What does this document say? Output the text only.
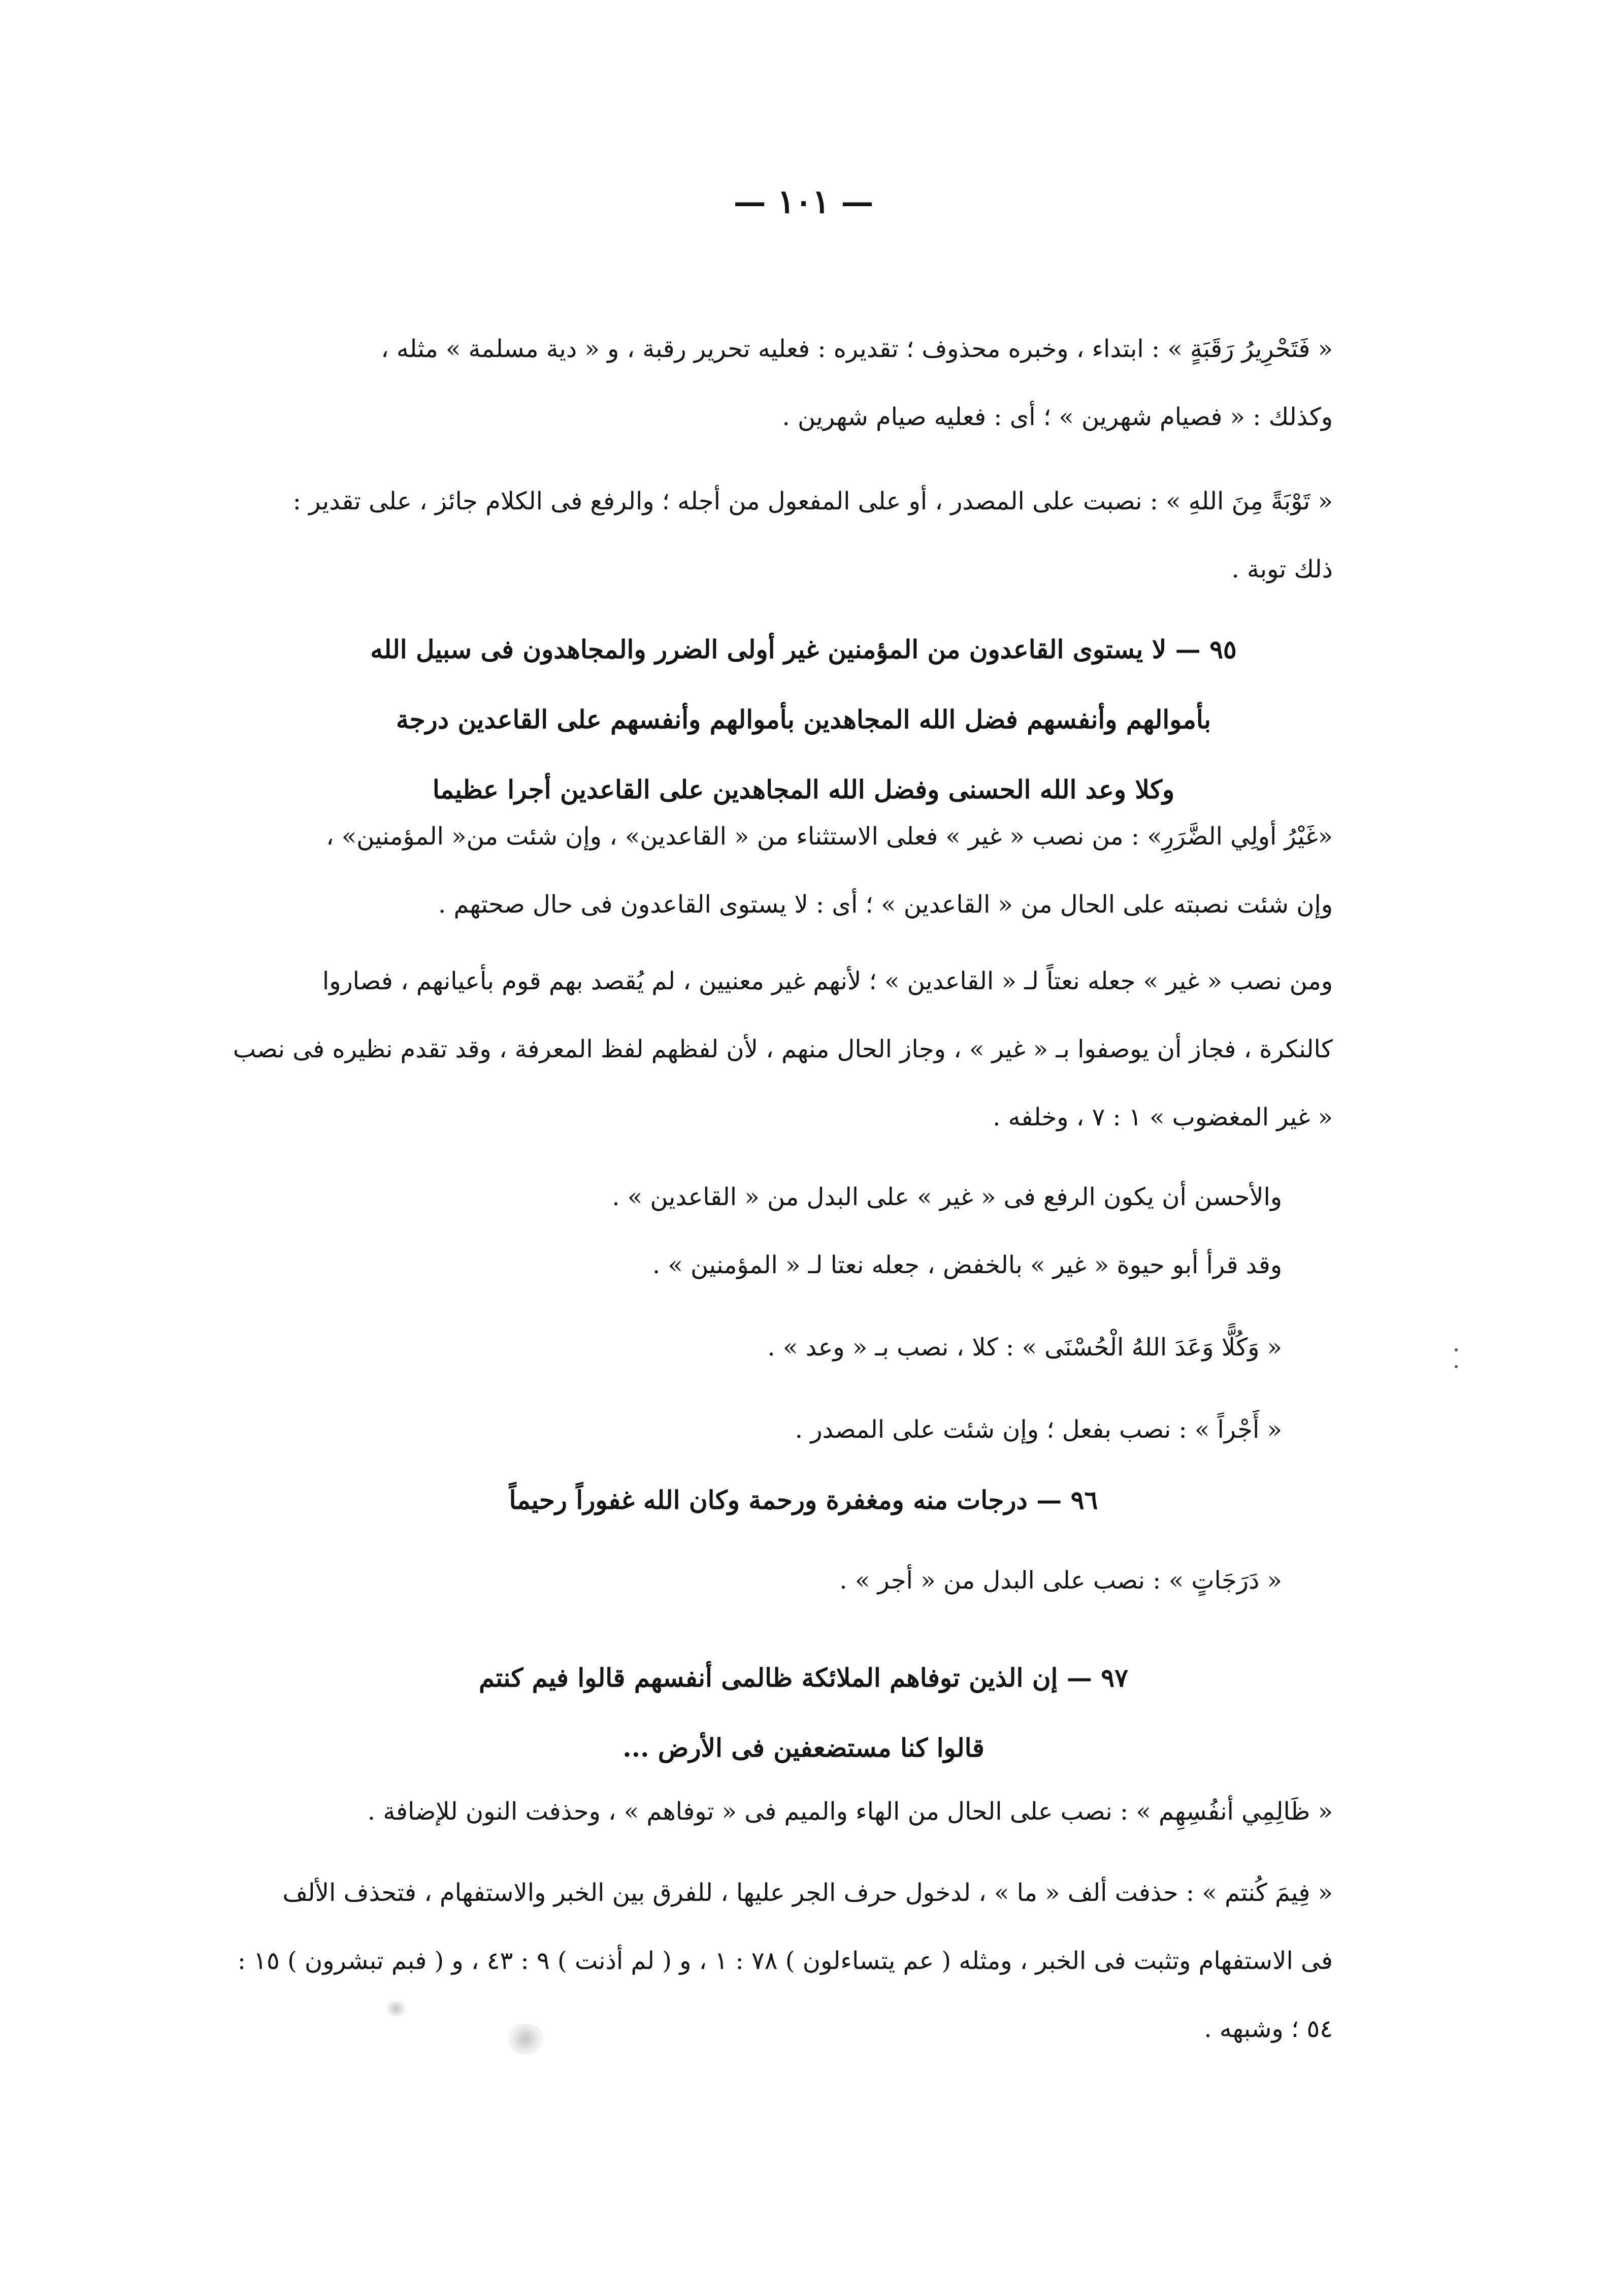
— ١٠١ —
« فَتَحْرِيرُ رَقَبَةٍ » : ابتداء ، وخبره محذوف ؛ تقديره : فعليه تحرير رقبة ، و « دية مسلمة » مثله ،
وكذلك : « فصيام شهرين » ؛ أى : فعليه صيام شهرين .
« تَوْبَةً مِنَ اللهِ » : نصبت على المصدر ، أو على المفعول من أجله ؛ والرفع فى الكلام جائز ، على تقدير :
ذلك توبة .
٩٥ — لا يستوى القاعدون من المؤمنين غير أولى الضرر والمجاهدون فى سبيل الله
بأموالهم وأنفسهم فضل الله المجاهدين بأموالهم وأنفسهم على القاعدين درجة
وكلا وعد الله الحسنى وفضل الله المجاهدين على القاعدين أجرا عظيما
«غَيْرُ أولِي الضَّرَرِ» : من نصب « غير » فعلى الاستثناء من « القاعدين» ، وإن شئت من« المؤمنين» ،
وإن شئت نصبته على الحال من « القاعدين » ؛ أى : لا يستوى القاعدون فى حال صحتهم .
ومن نصب « غير » جعله نعتاً لـ « القاعدين » ؛ لأنهم غير معنيين ، لم يُقصد بهم قوم بأعيانهم ، فصاروا
كالنكرة ، فجاز أن يوصفوا بـ « غير » ، وجاز الحال منهم ، لأن لفظهم لفظ المعرفة ، وقد تقدم نظيره فى نصب
« غير المغضوب » ١ : ٧ ، وخلفه .
والأحسن أن يكون الرفع فى « غير » على البدل من « القاعدين » .
وقد قرأ أبو حيوة « غير » بالخفض ، جعله نعتا لـ « المؤمنين » .
« وَكُلًّا وَعَدَ اللهُ الْحُسْنَى » : كلا ، نصب بـ « وعد » .
« أَجْراً » : نصب بفعل ؛ وإن شئت على المصدر .
٩٦ — درجات منه ومغفرة ورحمة وكان الله غفوراً رحيماً
« دَرَجَاتٍ » : نصب على البدل من « أجر » .
٩٧ — إن الذين توفاهم الملائكة ظالمى أنفسهم قالوا فيم كنتم
قالوا كنا مستضعفين فى الأرض ...
« ظَالِمِي أنفُسِهِم » : نصب على الحال من الهاء والميم فى « توفاهم » ، وحذفت النون للإضافة .
« فِيمَ كُنتم » : حذفت ألف « ما » ، لدخول حرف الجر عليها ، للفرق بين الخبر والاستفهام ، فتحذف الألف
فى الاستفهام وتثبت فى الخبر ، ومثله ( عم يتساءلون ) ٧٨ : ١ ، و ( لم أذنت ) ٩ : ٤٣ ، و ( فبم تبشرون ) ١٥ :
٥٤ ؛ وشبهه .
